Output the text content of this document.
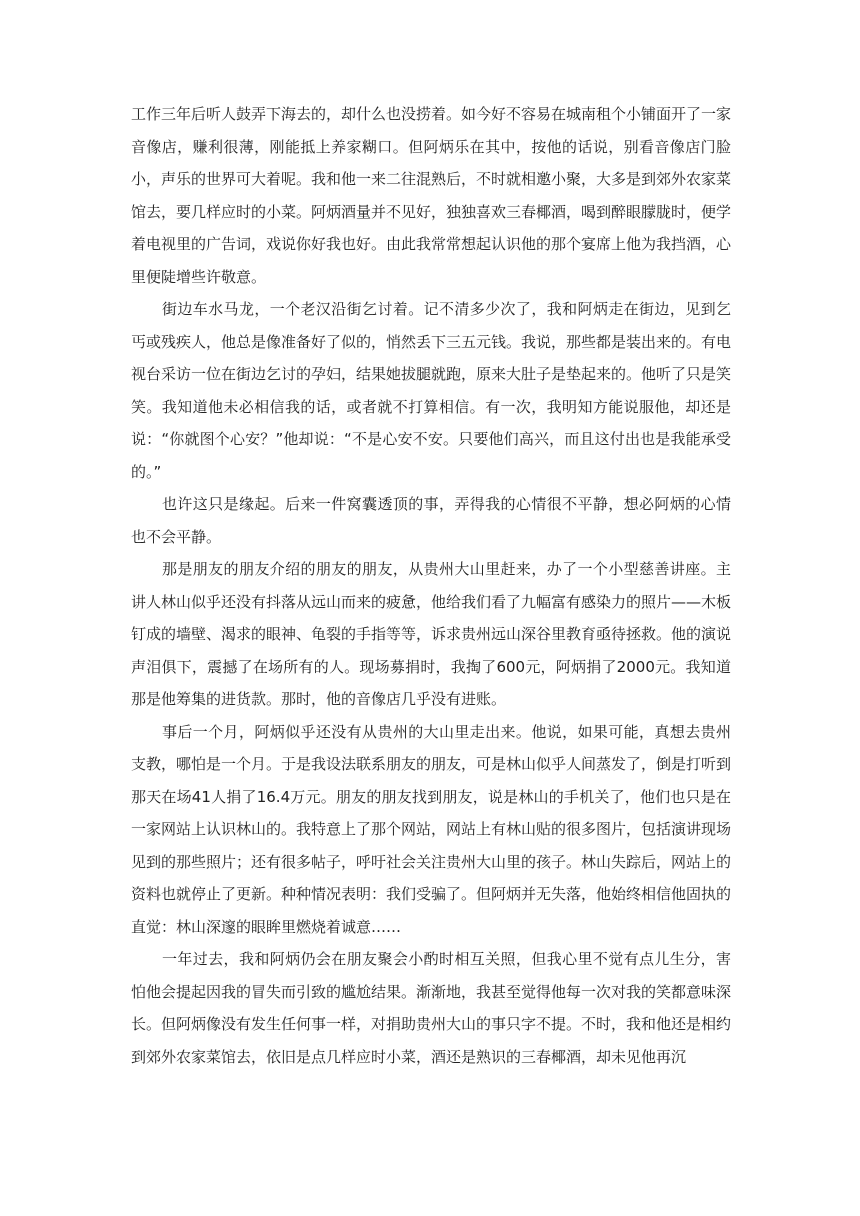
工作三年后听人鼓弄下海去的，却什么也没捞着。如今好不容易在城南租个小铺面开了一家音像店，赚利很薄，刚能抵上养家糊口。但阿炳乐在其中，按他的话说，别看音像店门脸小，声乐的世界可大着呢。我和他一来二往混熟后，不时就相邀小聚，大多是到郊外农家菜馆去，要几样应时的小菜。阿炳酒量并不见好，独独喜欢三春椰酒，喝到醉眼朦胧时，便学着电视里的广告词，戏说你好我也好。由此我常常想起认识他的那个宴席上他为我挡酒，心里便陡增些许敬意。

街边车水马龙，一个老汉沿街乞讨着。记不清多少次了，我和阿炳走在街边，见到乞丐或残疾人，他总是像准备好了似的，悄然丢下三五元钱。我说，那些都是装出来的。有电视台采访一位在街边乞讨的孕妇，结果她拔腿就跑，原来大肚子是垫起来的。他听了只是笑笑。我知道他未必相信我的话，或者就不打算相信。有一次，我明知方能说服他，却还是说：“你就图个心安？”他却说：“不是心安不安。只要他们高兴，而且这付出也是我能承受的。”

也许这只是缘起。后来一件窝囊透顶的事，弄得我的心情很不平静，想必阿炳的心情也不会平静。

那是朋友的朋友介绍的朋友的朋友，从贵州大山里赶来，办了一个小型慈善讲座。主讲人林山似乎还没有抖落从远山而来的疲惫，他给我们看了九幅富有感染力的照片——木板钉成的墙壁、渴求的眼神、龟裂的手指等等，诉求贵州远山深谷里教育亟待拯救。他的演说声泪俱下，震撼了在场所有的人。现场募捐时，我掏了600元，阿炳捐了2000元。我知道那是他筹集的进货款。那时，他的音像店几乎没有进账。

事后一个月，阿炳似乎还没有从贵州的大山里走出来。他说，如果可能，真想去贵州支教，哪怕是一个月。于是我设法联系朋友的朋友，可是林山似乎人间蒸发了，倒是打听到那天在场41人捐了16.4万元。朋友的朋友找到朋友，说是林山的手机关了，他们也只是在一家网站上认识林山的。我特意上了那个网站，网站上有林山贴的很多图片，包括演讲现场见到的那些照片；还有很多帖子，呼吁社会关注贵州大山里的孩子。林山失踪后，网站上的资料也就停止了更新。种种情况表明：我们受骗了。但阿炳并无失落，他始终相信他固执的直觉：林山深邃的眼眸里燃烧着诚意……

一年过去，我和阿炳仍会在朋友聚会小酌时相互关照，但我心里不觉有点儿生分，害怕他会提起因我的冒失而引致的尴尬结果。渐渐地，我甚至觉得他每一次对我的笑都意味深长。但阿炳像没有发生任何事一样，对捐助贵州大山的事只字不提。不时，我和他还是相约到郊外农家菜馆去，依旧是点几样应时小菜，酒还是熟识的三春椰酒，却未见他再沉
